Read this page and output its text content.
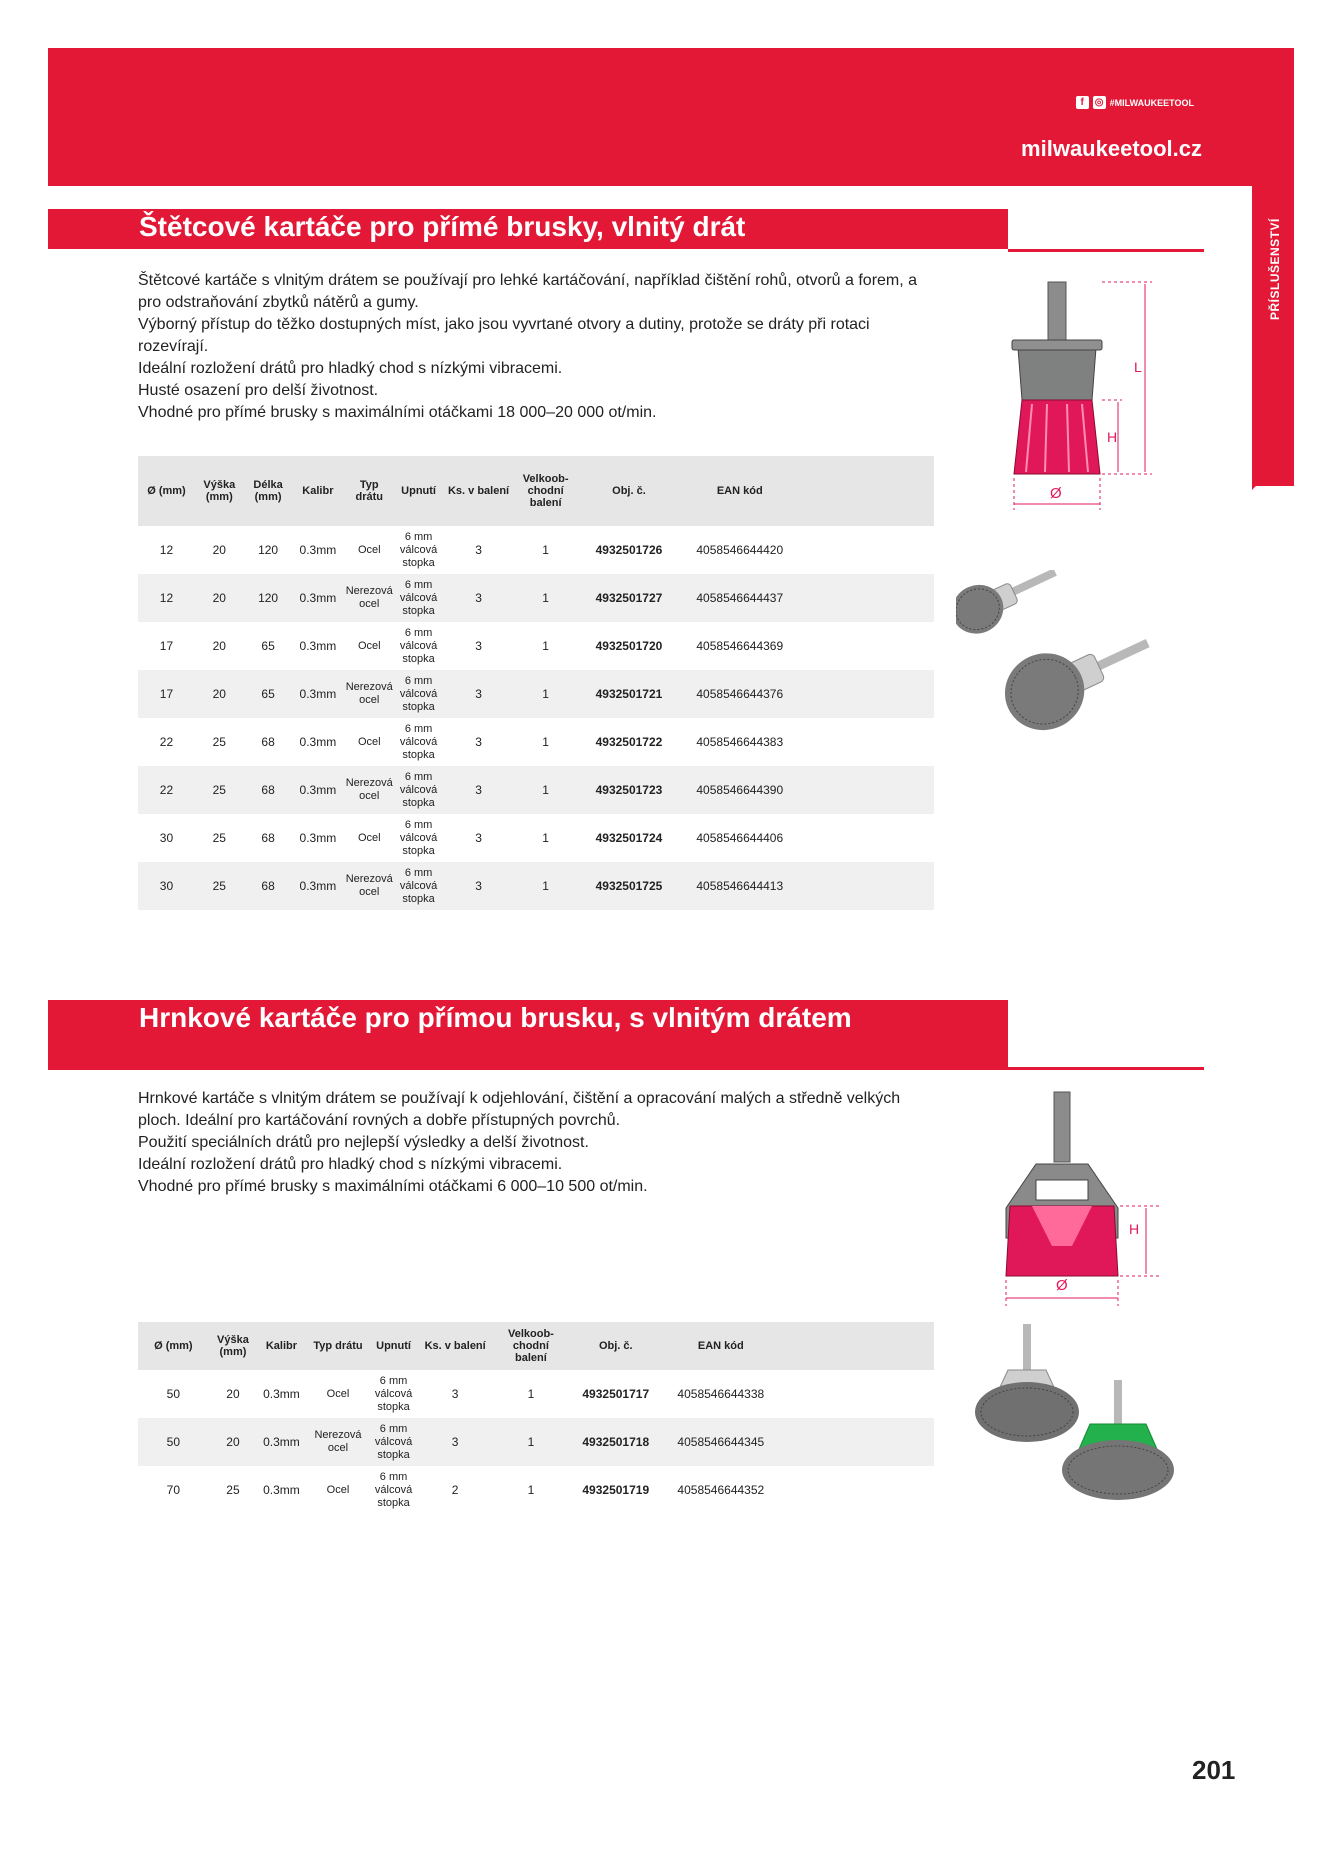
f	◎ #MILWAUKEETOOL
milwaukeetool.cz
PŘÍSLUŠENSTVÍ
Štětcové kartáče pro přímé brusky, vlnitý drát

Štětcové kartáče s vlnitým drátem se používají pro lehké kartáčování, například čištění rohů, otvorů a forem, a pro odstraňování zbytků nátěrů a gumy.

Výborný přístup do těžko dostupných míst, jako jsou vyvrtané otvory a dutiny, protože se dráty při rotaci rozevírají.

Ideální rozložení drátů pro hladký chod s nízkými vibracemi.

Husté osazení pro delší životnost.

Vhodné pro přímé brusky s maximálními otáčkami 18 000–20 000 ot/min.

L
H
Ø
Ø (mm)	Výška (mm)	Délka (mm)	Kalibr	Typ drátu	Upnutí	Ks. v balení	Velkoob-chodní balení	Obj. č.	EAN kód	
12	20	120	0.3mm	Ocel	6 mm válcová stopka	3	1	4932501726	4058546644420	
12	20	120	0.3mm	Nerezová ocel	6 mm válcová stopka	3	1	4932501727	4058546644437	
17	20	65	0.3mm	Ocel	6 mm válcová stopka	3	1	4932501720	4058546644369	
17	20	65	0.3mm	Nerezová ocel	6 mm válcová stopka	3	1	4932501721	4058546644376	
22	25	68	0.3mm	Ocel	6 mm válcová stopka	3	1	4932501722	4058546644383	
22	25	68	0.3mm	Nerezová ocel	6 mm válcová stopka	3	1	4932501723	4058546644390	
30	25	68	0.3mm	Ocel	6 mm válcová stopka	3	1	4932501724	4058546644406	
30	25	68	0.3mm	Nerezová ocel	6 mm válcová stopka	3	1	4932501725	4058546644413	
Hrnkové kartáče pro přímou brusku, s vlnitým drátem

Hrnkové kartáče s vlnitým drátem se používají k odjehlování, čištění a opracování malých a středně velkých ploch. Ideální pro kartáčování rovných a dobře přístupných povrchů.

Použití speciálních drátů pro nejlepší výsledky a delší životnost.

Ideální rozložení drátů pro hladký chod s nízkými vibracemi.

Vhodné pro přímé brusky s maximálními otáčkami 6 000–10 500 ot/min.

H
Ø
Ø (mm)	Výška (mm)	Kalibr	Typ drátu	Upnutí	Ks. v balení	Velkoob-chodní balení	Obj. č.	EAN kód	
50	20	0.3mm	Ocel	6 mm válcová stopka	3	1	4932501717	4058546644338	
50	20	0.3mm	Nerezová ocel	6 mm válcová stopka	3	1	4932501718	4058546644345	
70	25	0.3mm	Ocel	6 mm válcová stopka	2	1	4932501719	4058546644352	
201
